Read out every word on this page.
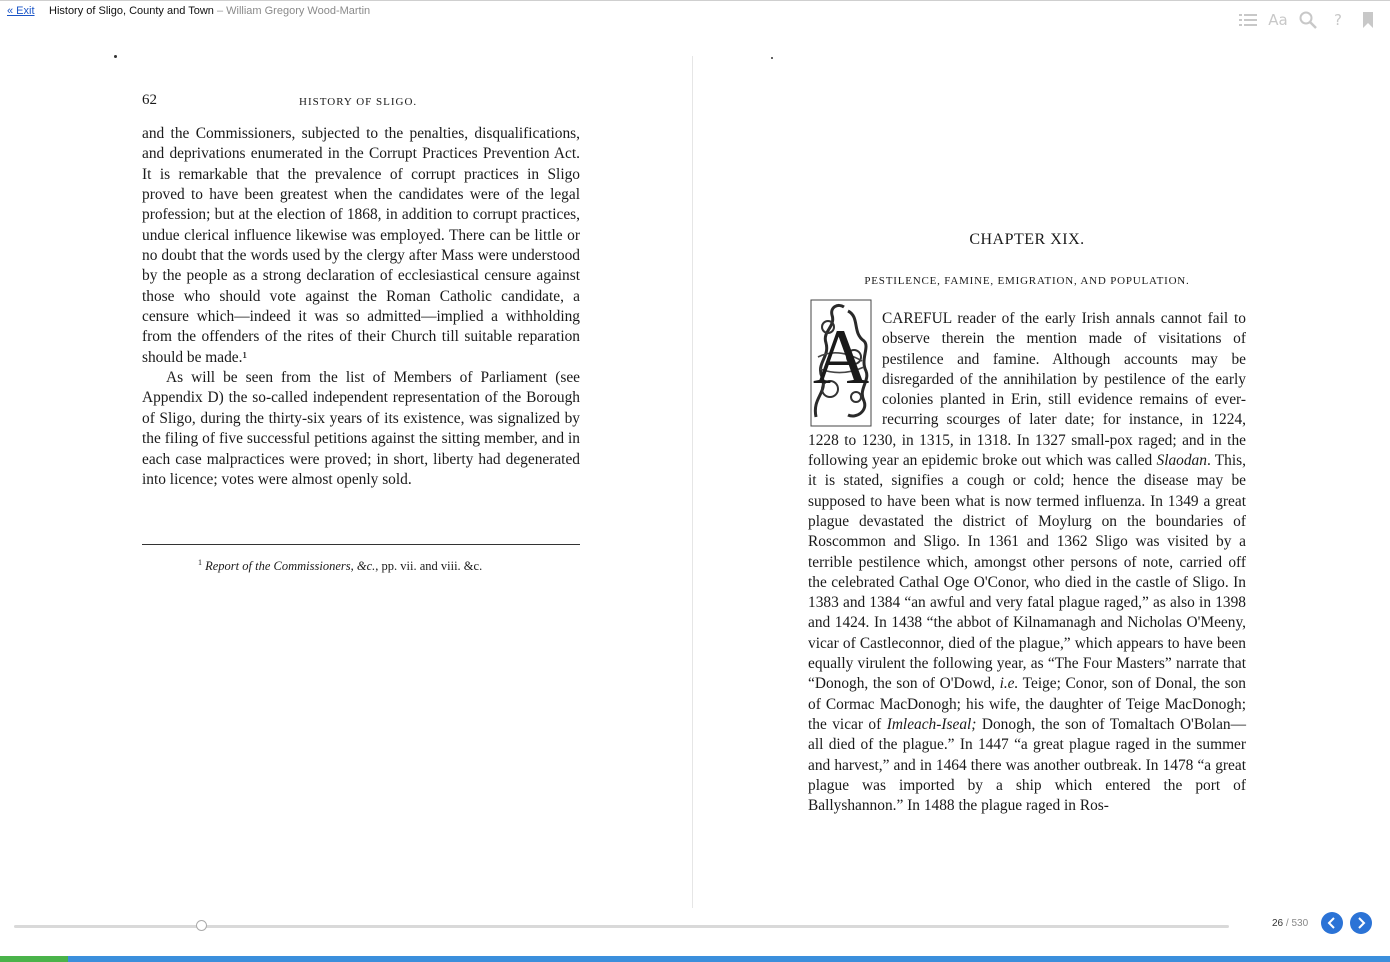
« Exit History of Sligo, County and Town – William Gregory Wood-Martin	Aa	?
62	HISTORY OF SLIGO.

and the Commissioners, subjected to the penalties, disqualifications, and deprivations enumerated in the Corrupt Practices Prevention Act. It is remarkable that the prevalence of corrupt practices in Sligo proved to have been greatest when the candidates were of the legal profession; but at the election of 1868, in addition to corrupt practices, undue clerical influence likewise was employed. There can be little or no doubt that the words used by the clergy after Mass were understood by the people as a strong declaration of ecclesiastical censure against those who should vote against the Roman Catholic candidate, a censure which—indeed it was so admitted—implied a withholding from the offenders of the rites of their Church till suitable reparation should be made.¹

As will be seen from the list of Members of Parliament (see Appendix D) the so-called independent representation of the Borough of Sligo, during the thirty-six years of its existence, was signalized by the filing of five successful petitions against the sitting member, and in each case malpractices were proved; in short, liberty had degenerated into licence; votes were almost openly sold.

$^1$ Report of the Commissioners, &c., pp. vii. and viii. &c.
CHAPTER XIX.
PESTILENCE, FAMINE, EMIGRATION, AND POPULATION.
A CAREFUL reader of the early Irish annals cannot fail to observe therein the mention made of visitations of pestilence and famine. Although accounts may be disregarded of the annihilation by pestilence of the early colonies planted in Erin, still evidence remains of ever-recurring scourges of later date; for instance, in 1224, 1228 to 1230, in 1315, in 1318. In 1327 small-pox raged; and in the following year an epidemic broke out which was called Slaodan. This, it is stated, signifies a cough or cold; hence the disease may be supposed to have been what is now termed influenza. In 1349 a great plague devastated the district of Moylurg on the boundaries of Roscommon and Sligo. In 1361 and 1362 Sligo was visited by a terrible pestilence which, amongst other persons of note, carried off the celebrated Cathal Oge O'Conor, who died in the castle of Sligo. In 1383 and 1384 “an awful and very fatal plague raged,” as also in 1398 and 1424. In 1438 “the abbot of Kilnamanagh and Nicholas O'Meeny, vicar of Castleconnor, died of the plague,” which appears to have been equally virulent the following year, as “The Four Masters” narrate that “Donogh, the son of O'Dowd, i.e. Teige; Conor, son of Donal, the son of Cormac MacDonogh; his wife, the daughter of Teige MacDonogh; the vicar of Imleach-Iseal; Donogh, the son of Tomaltach O'Bolan—all died of the plague.” In 1447 “a great plague raged in the summer and harvest,” and in 1464 there was another outbreak. In 1478 “a great plague was imported by a ship which entered the port of Ballyshannon.” In 1488 the plague raged in Ros-
26 / 530
